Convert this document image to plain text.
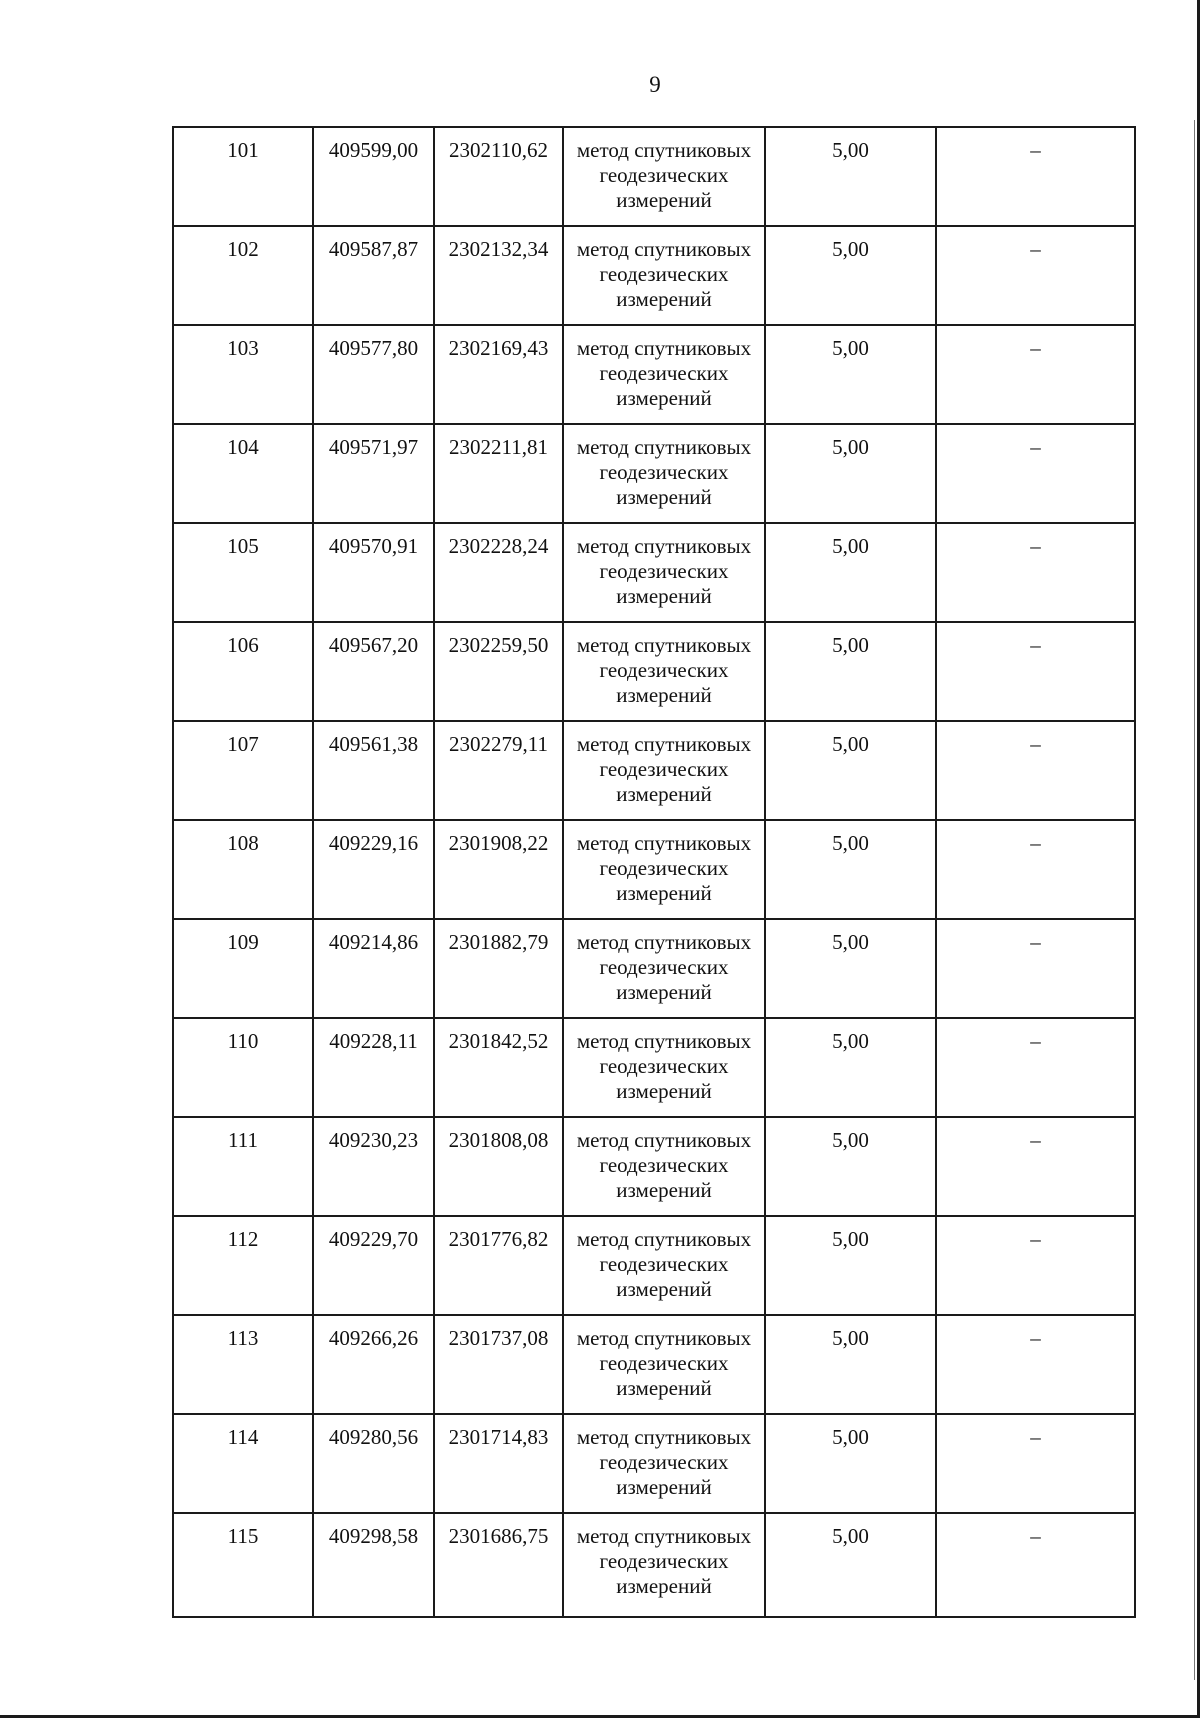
9
101	409599,00	2302110,62	метод спутниковых геодезических измерений	5,00	–
102	409587,87	2302132,34	метод спутниковых геодезических измерений	5,00	–
103	409577,80	2302169,43	метод спутниковых геодезических измерений	5,00	–
104	409571,97	2302211,81	метод спутниковых геодезических измерений	5,00	–
105	409570,91	2302228,24	метод спутниковых геодезических измерений	5,00	–
106	409567,20	2302259,50	метод спутниковых геодезических измерений	5,00	–
107	409561,38	2302279,11	метод спутниковых геодезических измерений	5,00	–
108	409229,16	2301908,22	метод спутниковых геодезических измерений	5,00	–
109	409214,86	2301882,79	метод спутниковых геодезических измерений	5,00	–
110	409228,11	2301842,52	метод спутниковых геодезических измерений	5,00	–
111	409230,23	2301808,08	метод спутниковых геодезических измерений	5,00	–
112	409229,70	2301776,82	метод спутниковых геодезических измерений	5,00	–
113	409266,26	2301737,08	метод спутниковых геодезических измерений	5,00	–
114	409280,56	2301714,83	метод спутниковых геодезических измерений	5,00	–
115	409298,58	2301686,75	метод спутниковых геодезических измерений	5,00	–
